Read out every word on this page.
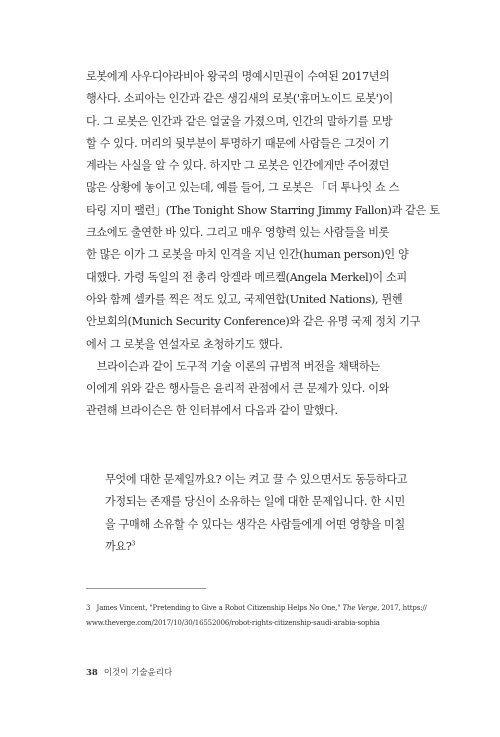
로봇에게 사우디아라비아 왕국의 명예시민권이 수여된 2017년의
행사다. 소피아는 인간과 같은 생김새의 로봇('휴머노이드 로봇')이
다. 그 로봇은 인간과 같은 얼굴을 가졌으며, 인간의 말하기를 모방
할 수 있다. 머리의 뒷부분이 투명하기 때문에 사람들은 그것이 기
계라는 사실을 알 수 있다. 하지만 그 로봇은 인간에게만 주어졌던
많은 상황에 놓이고 있는데, 예를 들어, 그 로봇은 「더 투나잇 쇼 스
타링 지미 팰런」(The Tonight Show Starring Jimmy Fallon)과 같은 토
크쇼에도 출연한 바 있다. 그리고 매우 영향력 있는 사람들을 비롯
한 많은 이가 그 로봇을 마치 인격을 지닌 인간(human person)인 양
대했다. 가령 독일의 전 총리 앙겔라 메르켈(Angela Merkel)이 소피
아와 함께 셀카를 찍은 적도 있고, 국제연합(United Nations), 뮌헨
안보회의(Munich Security Conference)와 같은 유명 국제 정치 기구
에서 그 로봇을 연설자로 초청하기도 했다.
　브라이슨과 같이 도구적 기술 이론의 규범적 버전을 채택하는
이에게 위와 같은 행사들은 윤리적 관점에서 큰 문제가 있다. 이와
관련해 브라이슨은 한 인터뷰에서 다음과 같이 말했다.
무엇에 대한 문제일까요? 이는 켜고 끌 수 있으면서도 동등하다고
가정되는 존재를 당신이 소유하는 일에 대한 문제입니다. 한 시민
을 구매해 소유할 수 있다는 생각은 사람들에게 어떤 영향을 미칠
까요?$^3$
3 James Vincent, "Pretending to Give a Robot Citizenship Helps No One," The Verge, 2017, https://
www.theverge.com/2017/10/30/16552006/robot-rights-citizenship-saudi-arabia-sophia
38 이것이 기술윤리다
